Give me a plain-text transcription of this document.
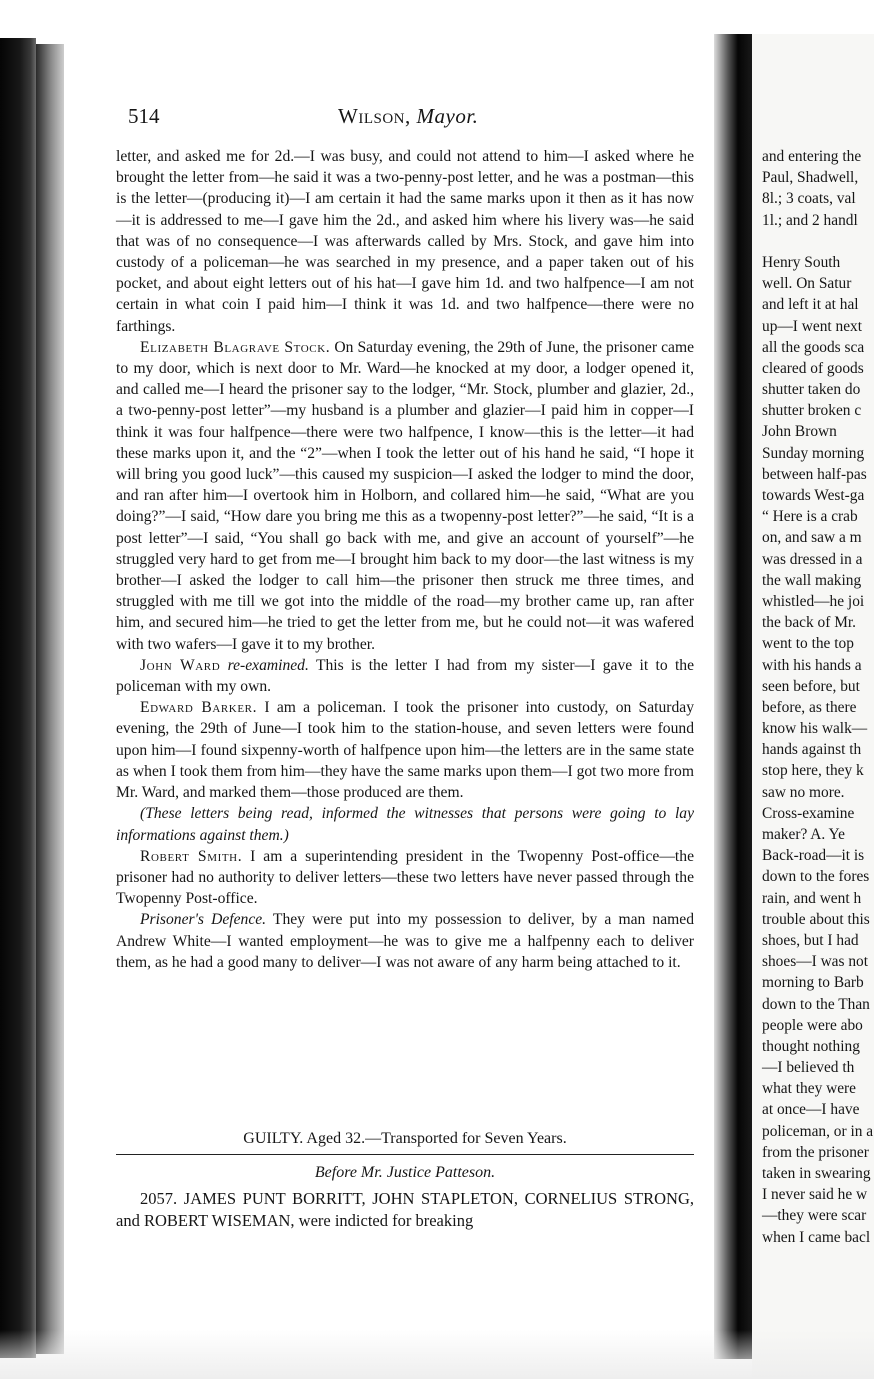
and entering the
Paul, Shadwell,
8l.; 3 coats, val
1l.; and 2 handl
Henry South
well. On Satur
and left it at hal
up—I went next
all the goods sca
cleared of goods
shutter taken do
shutter broken c
John Brown
Sunday morning
between half-pas
towards West-ga
“ Here is a crab
on, and saw a m
was dressed in a
the wall making
whistled—he joi
the back of Mr.
went to the top
with his hands a
seen before, but
before, as there
know his walk—
hands against th
stop here, they k
saw no more.
Cross-examine
maker? A. Ye
Back-road—it is
down to the fores
rain, and went h
trouble about this
shoes, but I had
shoes—I was not
morning to Barb
down to the Than
people were abo
thought nothing
—I believed th
what they were
at once—I have
policeman, or in a
from the prisoner
taken in swearing
I never said he w
—they were scar
when I came bacl
514	Wilson, Mayor.

letter, and asked me for 2d.—I was busy, and could not attend to him—I asked where he brought the letter from—he said it was a two-penny-post letter, and he was a postman—this is the letter—(producing it)—I am certain it had the same marks upon it then as it has now—it is addressed to me—I gave him the 2d., and asked him where his livery was—he said that was of no consequence—I was afterwards called by Mrs. Stock, and gave him into custody of a policeman—he was searched in my presence, and a paper taken out of his pocket, and about eight letters out of his hat—I gave him 1d. and two halfpence—I am not certain in what coin I paid him—I think it was 1d. and two halfpence—there were no farthings.

Elizabeth Blagrave Stock. On Saturday evening, the 29th of June, the prisoner came to my door, which is next door to Mr. Ward—he knocked at my door, a lodger opened it, and called me—I heard the prisoner say to the lodger, “Mr. Stock, plumber and glazier, 2d., a two-penny-post letter”—my husband is a plumber and glazier—I paid him in copper—I think it was four halfpence—there were two halfpence, I know—this is the letter—it had these marks upon it, and the “2”—when I took the letter out of his hand he said, “I hope it will bring you good luck”—this caused my suspicion—I asked the lodger to mind the door, and ran after him—I overtook him in Holborn, and collared him—he said, “What are you doing?”—I said, “How dare you bring me this as a twopenny-post letter?”—he said, “It is a post letter”—I said, “You shall go back with me, and give an account of yourself”—he struggled very hard to get from me—I brought him back to my door—the last witness is my brother—I asked the lodger to call him—the prisoner then struck me three times, and struggled with me till we got into the middle of the road—my brother came up, ran after him, and secured him—he tried to get the letter from me, but he could not—it was wafered with two wafers—I gave it to my brother.

John Ward re-examined. This is the letter I had from my sister—I gave it to the policeman with my own.

Edward Barker. I am a policeman. I took the prisoner into custody, on Saturday evening, the 29th of June—I took him to the station-house, and seven letters were found upon him—I found sixpenny-worth of halfpence upon him—the letters are in the same state as when I took them from him—they have the same marks upon them—I got two more from Mr. Ward, and marked them—those produced are them.

(These letters being read, informed the witnesses that persons were going to lay informations against them.)

Robert Smith. I am a superintending president in the Twopenny Post-office—the prisoner had no authority to deliver letters—these two letters have never passed through the Twopenny Post-office.

Prisoner's Defence. They were put into my possession to deliver, by a man named Andrew White—I wanted employment—he was to give me a halfpenny each to deliver them, as he had a good many to deliver—I was not aware of any harm being attached to it.

GUILTY. Aged 32.—Transported for Seven Years.
Before Mr. Justice Patteson.

2057. JAMES PUNT BORRITT, JOHN STAPLETON, CORNELIUS STRONG, and ROBERT WISEMAN, were indicted for breaking
